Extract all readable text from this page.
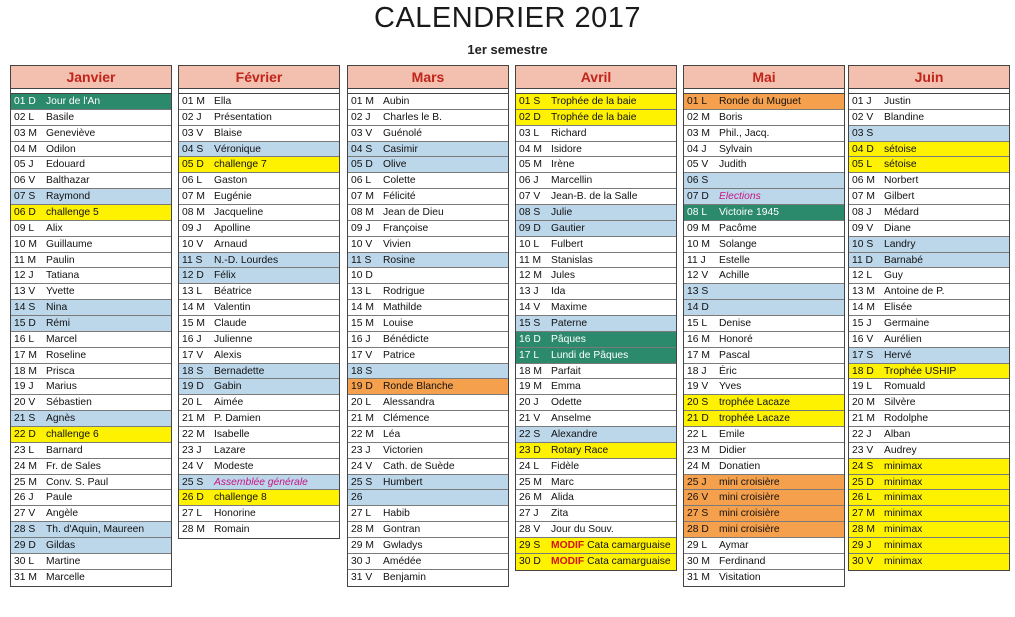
CALENDRIER 2017
1er semestre
Janvier
01 D Jour de l'An
02 L Basile
03 M Geneviève
04 M Odilon
05 J Edouard
06 V Balthazar
07 S Raymond
06 D challenge 5
09 L Alix
10 M Guillaume
11 M Paulin
12 J Tatiana
13 V Yvette
14 S Nina
15 D Rémi
16 L Marcel
17 M Roseline
18 M Prisca
19 J Marius
20 V Sébastien
21 S Agnès
22 D challenge 6
23 L Barnard
24 M Fr. de Sales
25 M Conv. S. Paul
26 J Paule
27 V Angèle
28 S Th. d'Aquin, Maureen
29 D Gildas
30 L Martine
31 M Marcelle
Février
01 M Ella
02 J Présentation
03 V Blaise
04 S Véronique
05 D challenge 7
06 L Gaston
07 M Eugénie
08 M Jacqueline
09 J Apolline
10 V Arnaud
11 S N.-D. Lourdes
12 D Félix
13 L Béatrice
14 M Valentin
15 M Claude
16 J Julienne
17 V Alexis
18 S Bernadette
19 D Gabin
20 L Aimée
21 M P. Damien
22 M Isabelle
23 J Lazare
24 V Modeste
25 S Assemblée générale
26 D challenge 8
27 L Honorine
28 M Romain
Mars
01 M Aubin
02 J Charles le B.
03 V Guénolé
04 S Casimir
05 D Olive
06 L Colette
07 M Félicité
08 M Jean de Dieu
09 J Françoise
10 V Vivien
11 S Rosine
10 D
13 L Rodrigue
14 M Mathilde
15 M Louise
16 J Bénédicte
17 V Patrice
18 S
19 D Ronde Blanche
20 L Alessandra
21 M Clémence
22 M Léa
23 J Victorien
24 V Cath. de Suède
25 S Humbert
26
27 L Habib
28 M Gontran
29 M Gwladys
30 J Amédée
31 V Benjamin
Avril
01 S Trophée de la baie
02 D Trophée de la baie
03 L Richard
04 M Isidore
05 M Irène
06 J Marcellin
07 V Jean-B. de la Salle
08 S Julie
09 D Gautier
10 L Fulbert
11 M Stanislas
12 M Jules
13 J Ida
14 V Maxime
15 S Paterne
16 D Pâques
17 L Lundi de Pâques
18 M Parfait
19 M Emma
20 J Odette
21 V Anselme
22 S Alexandre
23 D Rotary Race
24 L Fidèle
25 M Marc
26 M Alida
27 J Zita
28 V Jour du Souv.
29 S MODIF Cata camarguaise
30 D MODIF Cata camarguaise
Mai
01 L Ronde du Muguet
02 M Boris
03 M Phil., Jacq.
04 J Sylvain
05 V Judith
06 S
07 D Elections
08 L Victoire 1945
09 M Pacôme
10 M Solange
11 J Estelle
12 V Achille
13 S
14 D
15 L Denise
16 M Honoré
17 M Pascal
18 J Éric
19 V Yves
20 S trophée Lacaze
21 D trophée Lacaze
22 L Emile
23 M Didier
24 M Donatien
25 J mini croisière
26 V mini croisière
27 S mini croisière
28 D mini croisière
29 L Aymar
30 M Ferdinand
31 M Visitation
Juin
01 J Justin
02 V Blandine
03 S
04 D sétoise
05 L sétoise
06 M Norbert
07 M Gilbert
08 J Médard
09 V Diane
10 S Landry
11 D Barnabé
12 L Guy
13 M Antoine de P.
14 M Elisée
15 J Germaine
16 V Aurélien
17 S Hervé
18 D Trophée USHIP
19 L Romuald
20 M Silvère
21 M Rodolphe
22 J Alban
23 V Audrey
24 S minimax
25 D minimax
26 L minimax
27 M minimax
28 M minimax
29 J minimax
30 V minimax
